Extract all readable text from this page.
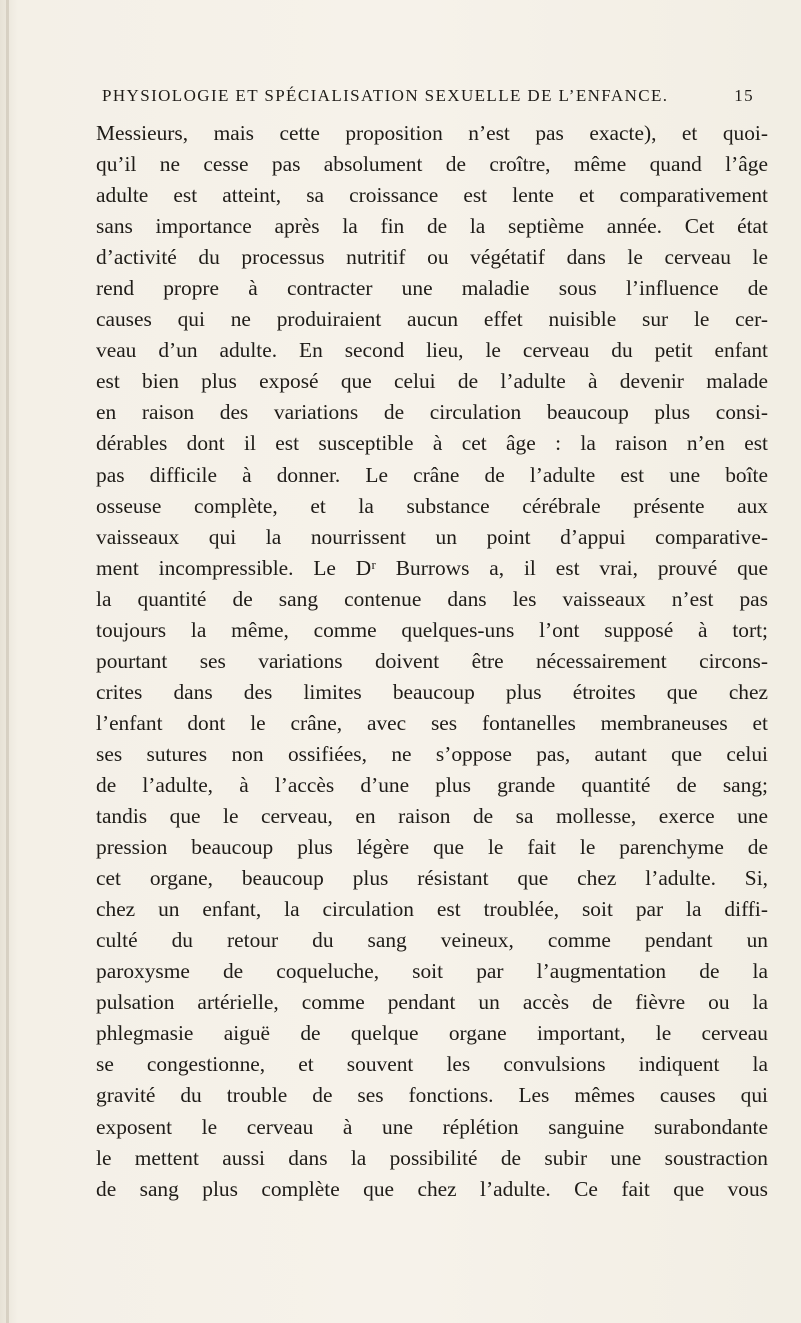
PHYSIOLOGIE ET SPÉCIALISATION SEXUELLE DE L’ENFANCE.	15
Messieurs, mais cette proposition n’est pas exacte), et quoi-
qu’il ne cesse pas absolument de croître, même quand l’âge
adulte est atteint, sa croissance est lente et comparativement
sans importance après la fin de la septième année. Cet état
d’activité du processus nutritif ou végétatif dans le cerveau le
rend propre à contracter une maladie sous l’influence de
causes qui ne produiraient aucun effet nuisible sur le cer-
veau d’un adulte. En second lieu, le cerveau du petit enfant
est bien plus exposé que celui de l’adulte à devenir malade
en raison des variations de circulation beaucoup plus consi-
dérables dont il est susceptible à cet âge : la raison n’en est
pas difficile à donner. Le crâne de l’adulte est une boîte
osseuse complète, et la substance cérébrale présente aux
vaisseaux qui la nourrissent un point d’appui comparative-
ment incompressible. Le Dʳ Burrows a, il est vrai, prouvé que
la quantité de sang contenue dans les vaisseaux n’est pas
toujours la même, comme quelques-uns l’ont supposé à tort;
pourtant ses variations doivent être nécessairement circons-
crites dans des limites beaucoup plus étroites que chez
l’enfant dont le crâne, avec ses fontanelles membraneuses et
ses sutures non ossifiées, ne s’oppose pas, autant que celui
de l’adulte, à l’accès d’une plus grande quantité de sang;
tandis que le cerveau, en raison de sa mollesse, exerce une
pression beaucoup plus légère que le fait le parenchyme de
cet organe, beaucoup plus résistant que chez l’adulte. Si,
chez un enfant, la circulation est troublée, soit par la diffi-
culté du retour du sang veineux, comme pendant un
paroxysme de coqueluche, soit par l’augmentation de la
pulsation artérielle, comme pendant un accès de fièvre ou la
phlegmasie aiguë de quelque organe important, le cerveau
se congestionne, et souvent les convulsions indiquent la
gravité du trouble de ses fonctions. Les mêmes causes qui
exposent le cerveau à une réplétion sanguine surabondante
le mettent aussi dans la possibilité de subir une soustraction
de sang plus complète que chez l’adulte. Ce fait que vous
